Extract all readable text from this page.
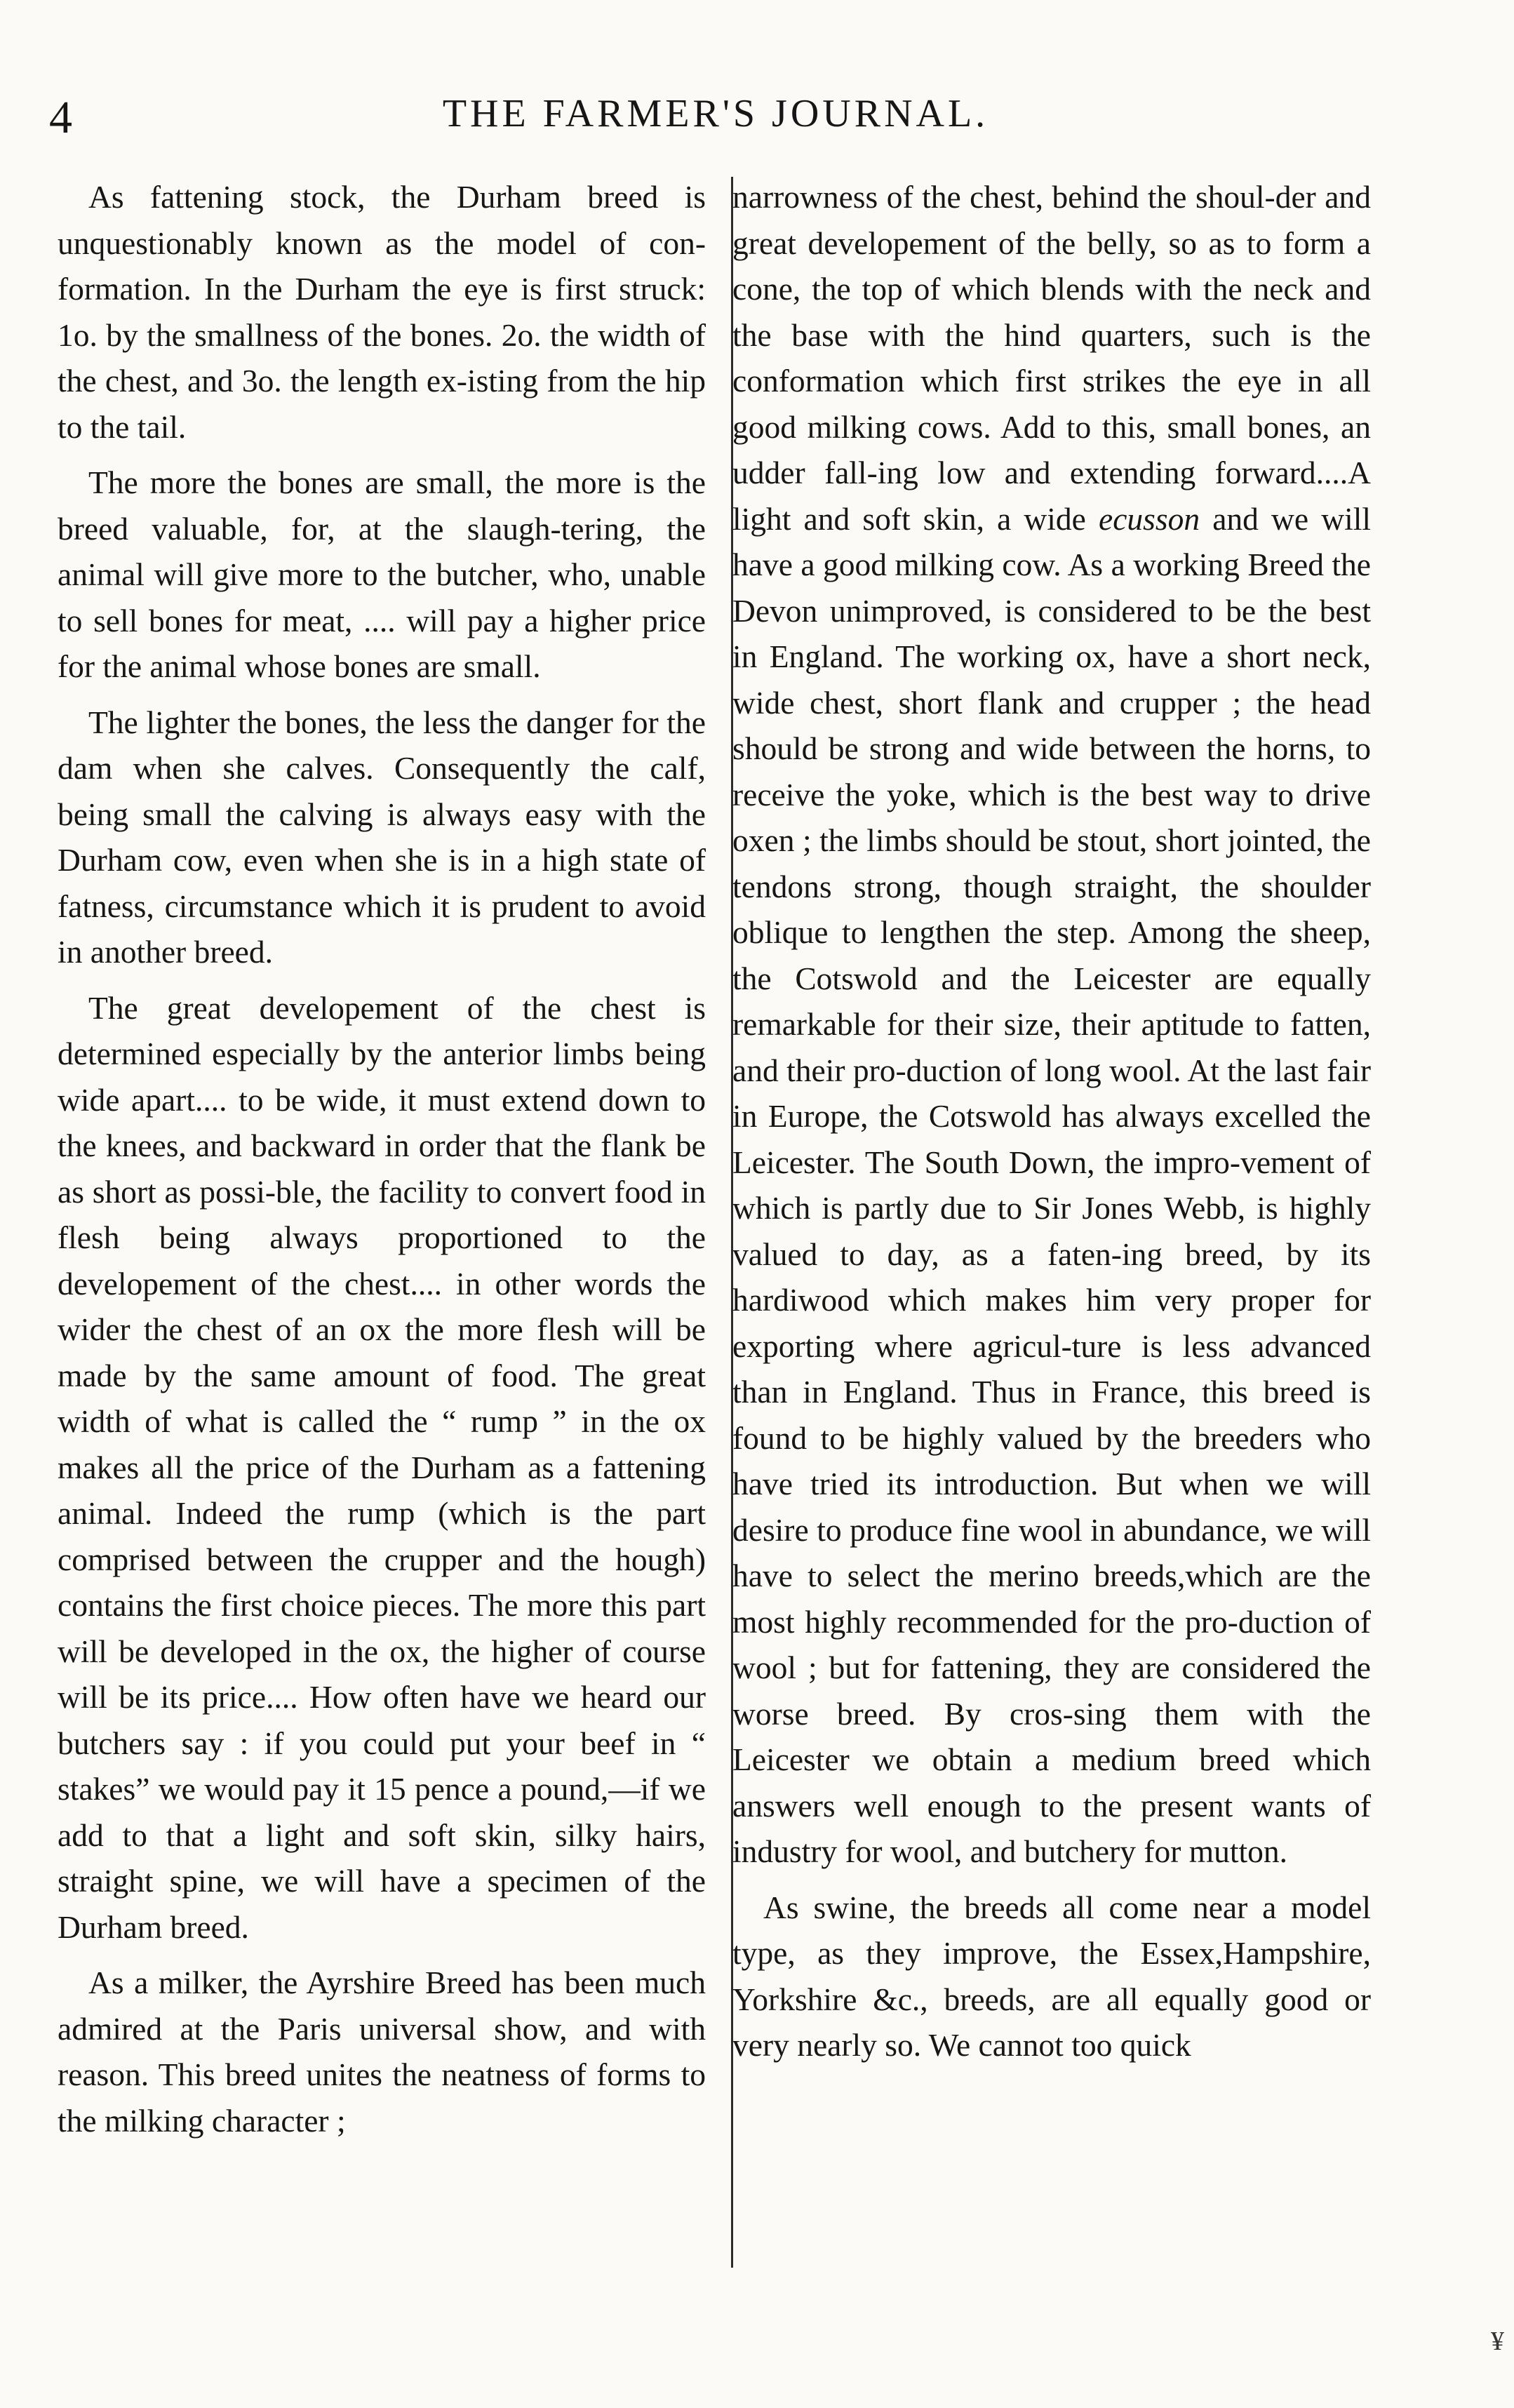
4	THE FARMER'S JOURNAL.

As fattening stock, the Durham breed is unquestionably known as the model of con-formation. In the Durham the eye is first struck: 1o. by the smallness of the bones. 2o. the width of the chest, and 3o. the length ex-isting from the hip to the tail.

The more the bones are small, the more is the breed valuable, for, at the slaugh-tering, the animal will give more to the butcher, who, unable to sell bones for meat, .... will pay a higher price for the animal whose bones are small.

The lighter the bones, the less the danger for the dam when she calves. Consequently the calf, being small the calving is always easy with the Durham cow, even when she is in a high state of fatness, circumstance which it is prudent to avoid in another breed.

The great developement of the chest is determined especially by the anterior limbs being wide apart.... to be wide, it must extend down to the knees, and backward in order that the flank be as short as possi-ble, the facility to convert food in flesh being always proportioned to the developement of the chest.... in other words the wider the chest of an ox the more flesh will be made by the same amount of food. The great width of what is called the “ rump ” in the ox makes all the price of the Durham as a fattening animal. Indeed the rump (which is the part comprised between the crupper and the hough) contains the first choice pieces. The more this part will be developed in the ox, the higher of course will be its price.... How often have we heard our butchers say : if you could put your beef in “ stakes” we would pay it 15 pence a pound,—if we add to that a light and soft skin, silky hairs, straight spine, we will have a specimen of the Durham breed.

As a milker, the Ayrshire Breed has been much admired at the Paris universal show, and with reason. This breed unites the neatness of forms to the milking character ;

narrowness of the chest, behind the shoul-der and great developement of the belly, so as to form a cone, the top of which blends with the neck and the base with the hind quarters, such is the conformation which first strikes the eye in all good milking cows. Add to this, small bones, an udder fall-ing low and extending forward....A light and soft skin, a wide ecusson and we will have a good milking cow. As a working Breed the Devon unimproved, is considered to be the best in England. The working ox, have a short neck, wide chest, short flank and crupper ; the head should be strong and wide between the horns, to receive the yoke, which is the best way to drive oxen ; the limbs should be stout, short jointed, the tendons strong, though straight, the shoulder oblique to lengthen the step. Among the sheep, the Cotswold and the Leicester are equally remarkable for their size, their aptitude to fatten, and their pro-duction of long wool. At the last fair in Europe, the Cotswold has always excelled the Leicester. The South Down, the impro-vement of which is partly due to Sir Jones Webb, is highly valued to day, as a faten-ing breed, by its hardiwood which makes him very proper for exporting where agricul-ture is less advanced than in England. Thus in France, this breed is found to be highly valued by the breeders who have tried its introduction. But when we will desire to produce fine wool in abundance, we will have to select the merino breeds,which are the most highly recommended for the pro-duction of wool ; but for fattening, they are considered the worse breed. By cros-sing them with the Leicester we obtain a medium breed which answers well enough to the present wants of industry for wool, and butchery for mutton.

As swine, the breeds all come near a model type, as they improve, the Essex,Hampshire, Yorkshire &c., breeds, are all equally good or very nearly so. We cannot too quick

¥
